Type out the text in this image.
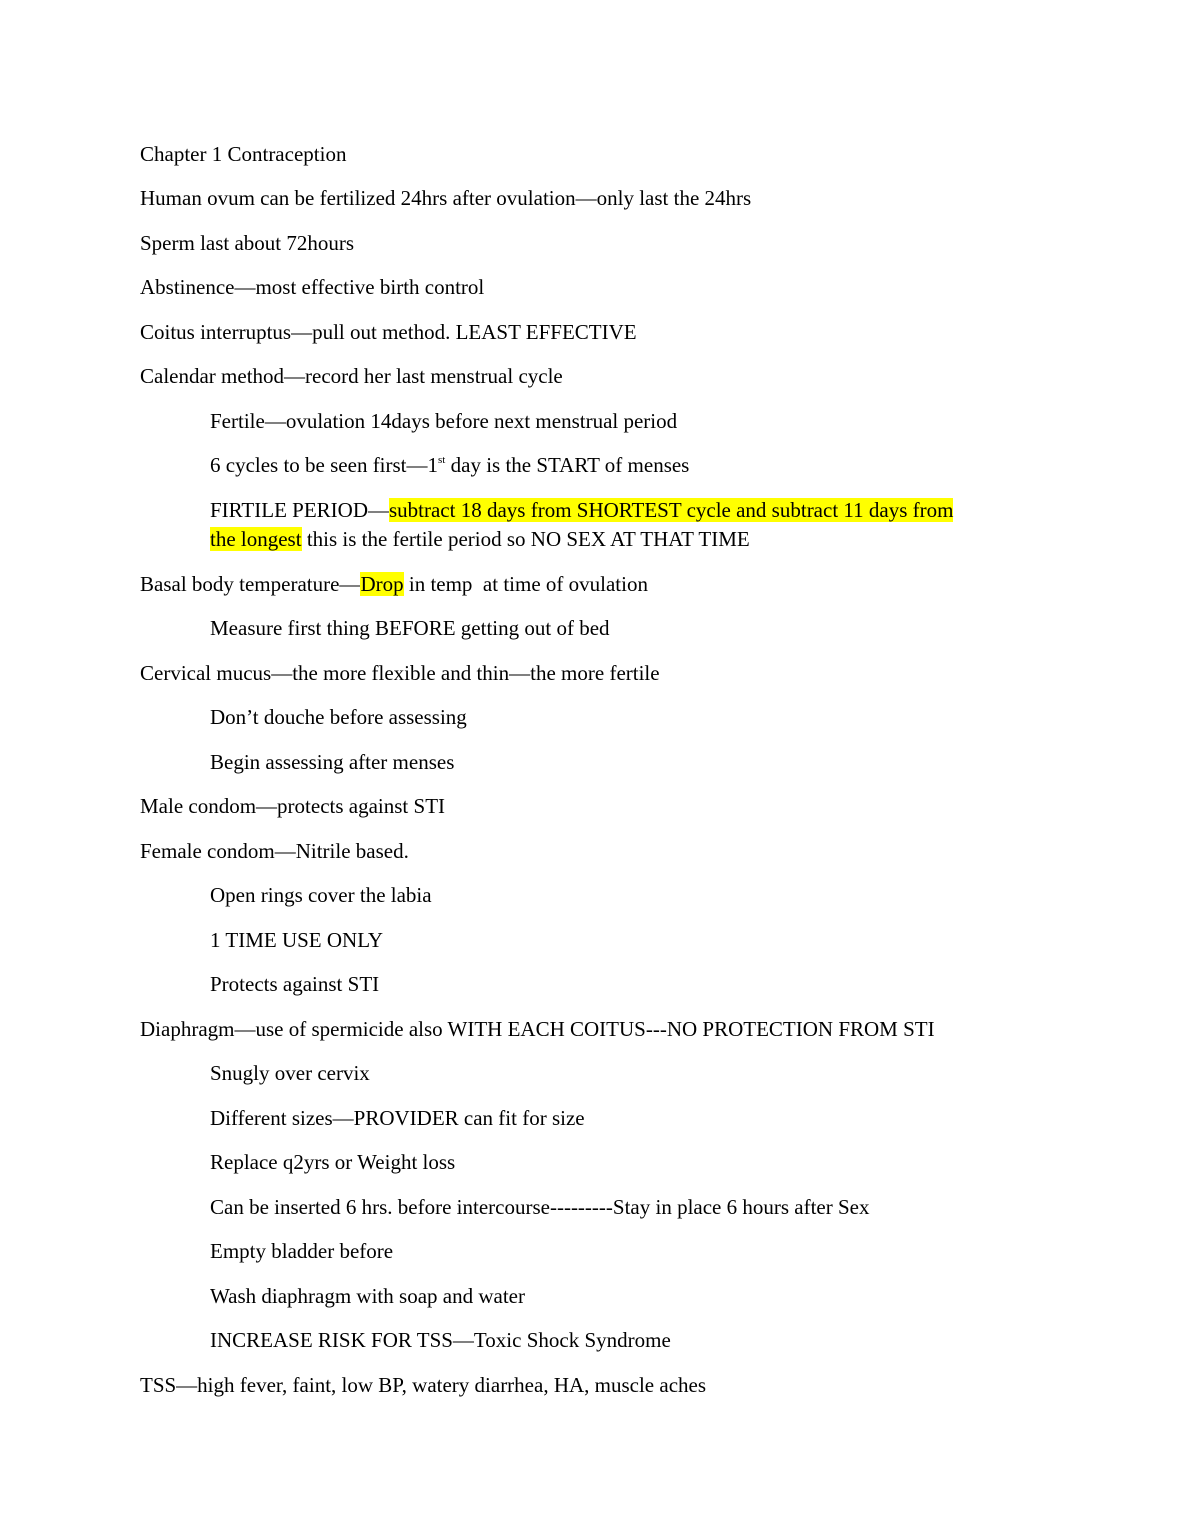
Chapter 1 Contraception
Human ovum can be fertilized 24hrs after ovulation—only last the 24hrs
Sperm last about 72hours
Abstinence—most effective birth control
Coitus interruptus—pull out method. LEAST EFFECTIVE
Calendar method—record her last menstrual cycle
Fertile—ovulation 14days before next menstrual period
6 cycles to be seen first—1st day is the START of menses
FIRTILE PERIOD—subtract 18 days from SHORTEST cycle and subtract 11 days from
the longest this is the fertile period so NO SEX AT THAT TIME
Basal body temperature—Drop in temp  at time of ovulation
Measure first thing BEFORE getting out of bed
Cervical mucus—the more flexible and thin—the more fertile
Don’t douche before assessing
Begin assessing after menses
Male condom—protects against STI
Female condom—Nitrile based.
Open rings cover the labia
1 TIME USE ONLY
Protects against STI
Diaphragm—use of spermicide also WITH EACH COITUS---NO PROTECTION FROM STI
Snugly over cervix
Different sizes—PROVIDER can fit for size
Replace q2yrs or Weight loss
Can be inserted 6 hrs. before intercourse---------Stay in place 6 hours after Sex
Empty bladder before
Wash diaphragm with soap and water
INCREASE RISK FOR TSS—Toxic Shock Syndrome
TSS—high fever, faint, low BP, watery diarrhea, HA, muscle aches
